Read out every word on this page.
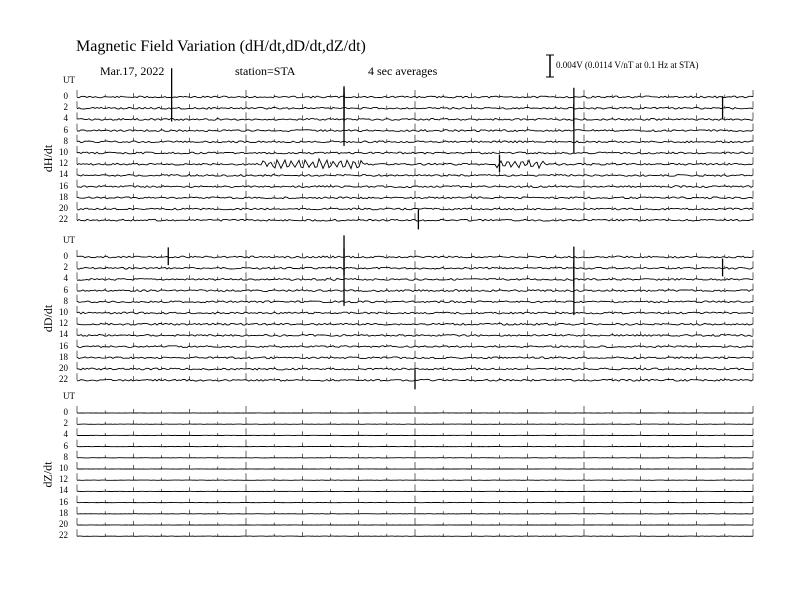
Magnetic Field Variation (dH/dt,dD/dt,dZ/dt)
Mar.17, 2022	station=STA	4 sec averages	0.004V (0.0114 V/nT at 0.1 Hz at STA)
UT
dH/dt
0
2
4
6
8
10
12
14
16
18
20
22
UT
dD/dt
0
2
4
6
8
10
12
14
16
18
20
22
UT
dZ/dt
0
2
4
6
8
10
12
14
16
18
20
22
